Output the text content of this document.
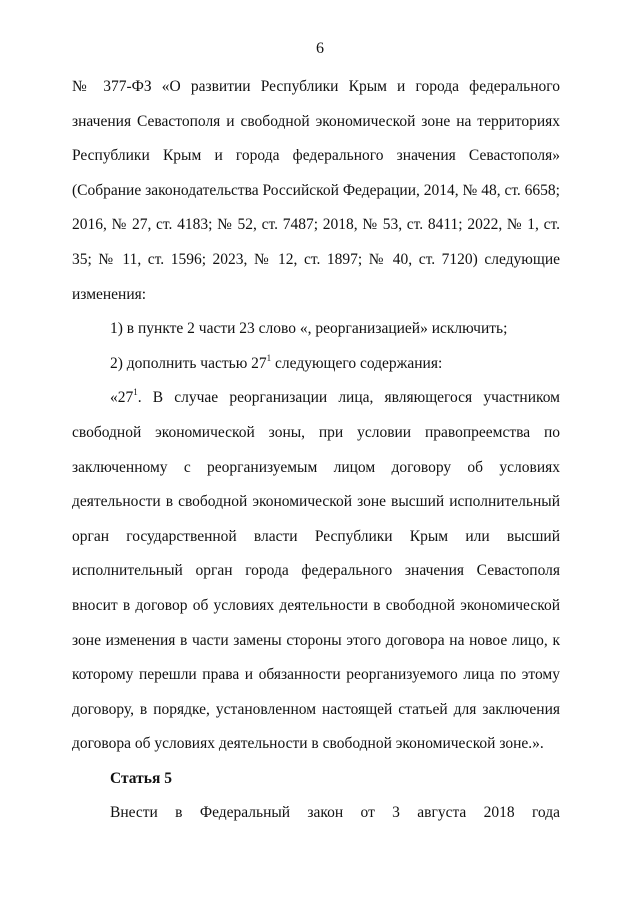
6

№ 377-ФЗ «О развитии Республики Крым и города федерального значения Севастополя и свободной экономической зоне на территориях Республики Крым и города федерального значения Севастополя» (Собрание законодательства Российской Федерации, 2014, № 48, ст. 6658; 2016, № 27, ст. 4183; № 52, ст. 7487; 2018, № 53, ст. 8411; 2022, № 1, ст. 35; № 11, ст. 1596; 2023, № 12, ст. 1897; № 40, ст. 7120) следующие изменения:

1) в пункте 2 части 23 слово «, реорганизацией» исключить;

2) дополнить частью $27^1$ следующего содержания:

«$27^1$. В случае реорганизации лица, являющегося участником свободной экономической зоны, при условии правопреемства по заключенному с реорганизуемым лицом договору об условиях деятельности в свободной экономической зоне высший исполнительный орган государственной власти Республики Крым или высший исполнительный орган города федерального значения Севастополя вносит в договор об условиях деятельности в свободной экономической зоне изменения в части замены стороны этого договора на новое лицо, к которому перешли права и обязанности реорганизуемого лица по этому договору, в порядке, установленном настоящей статьей для заключения договора об условиях деятельности в свободной экономической зоне.».

Статья 5

Внести в Федеральный закон от 3 августа 2018 года
